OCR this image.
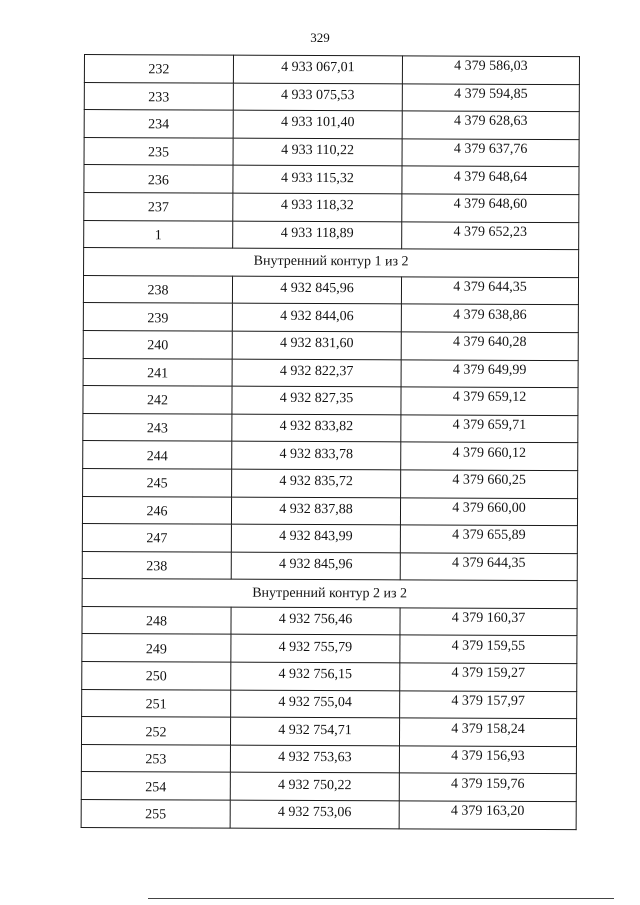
329
232	4 933 067,01	4 379 586,03
233	4 933 075,53	4 379 594,85
234	4 933 101,40	4 379 628,63
235	4 933 110,22	4 379 637,76
236	4 933 115,32	4 379 648,64
237	4 933 118,32	4 379 648,60
1	4 933 118,89	4 379 652,23
Внутренний контур 1 из 2		
238	4 932 845,96	4 379 644,35
239	4 932 844,06	4 379 638,86
240	4 932 831,60	4 379 640,28
241	4 932 822,37	4 379 649,99
242	4 932 827,35	4 379 659,12
243	4 932 833,82	4 379 659,71
244	4 932 833,78	4 379 660,12
245	4 932 835,72	4 379 660,25
246	4 932 837,88	4 379 660,00
247	4 932 843,99	4 379 655,89
238	4 932 845,96	4 379 644,35
Внутренний контур 2 из 2		
248	4 932 756,46	4 379 160,37
249	4 932 755,79	4 379 159,55
250	4 932 756,15	4 379 159,27
251	4 932 755,04	4 379 157,97
252	4 932 754,71	4 379 158,24
253	4 932 753,63	4 379 156,93
254	4 932 750,22	4 379 159,76
255	4 932 753,06	4 379 163,20
